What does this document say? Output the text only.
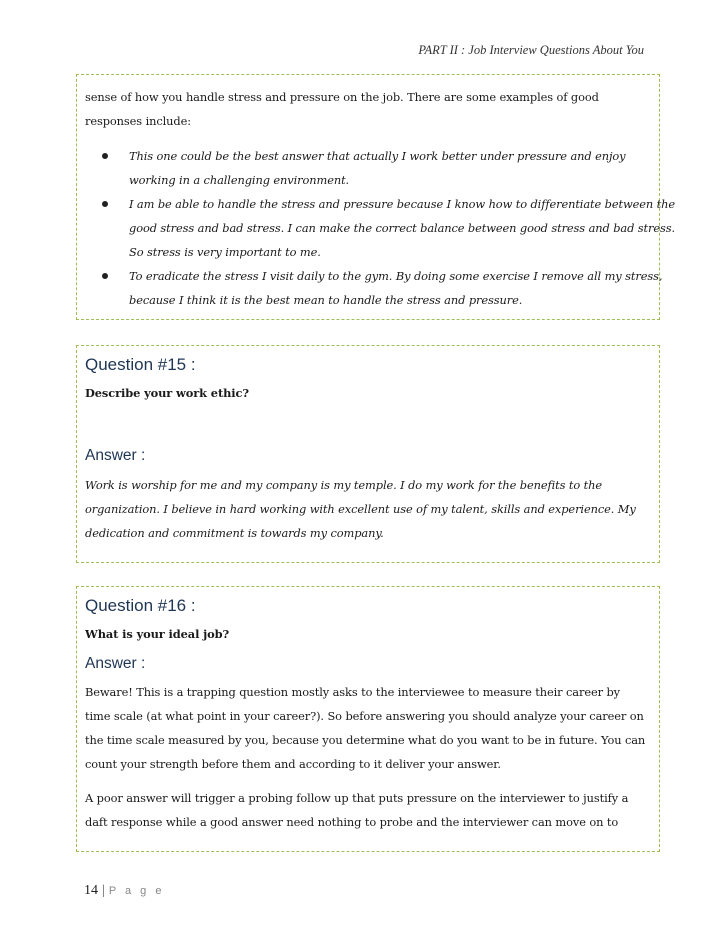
PART II : Job Interview Questions About You

sense of how you handle stress and pressure on the job. There are some examples of good

responses include:

This one could be the best answer that actually I work better under pressure and enjoy

working in a challenging environment.

I am be able to handle the stress and pressure because I know how to differentiate between the

good stress and bad stress. I can make the correct balance between good stress and bad stress.

So stress is very important to me.

To eradicate the stress I visit daily to the gym. By doing some exercise I remove all my stress,

because I think it is the best mean to handle the stress and pressure.

Question #15 :

Describe your work ethic?

Answer :

Work is worship for me and my company is my temple. I do my work for the benefits to the

organization. I believe in hard working with excellent use of my talent, skills and experience. My

dedication and commitment is towards my company.

Question #16 :

What is your ideal job?

Answer :

Beware! This is a trapping question mostly asks to the interviewee to measure their career by

time scale (at what point in your career?). So before answering you should analyze your career on

the time scale measured by you, because you determine what do you want to be in future. You can

count your strength before them and according to it deliver your answer.

A poor answer will trigger a probing follow up that puts pressure on the interviewer to justify a

daft response while a good answer need nothing to probe and the interviewer can move on to

14 | P a g e
